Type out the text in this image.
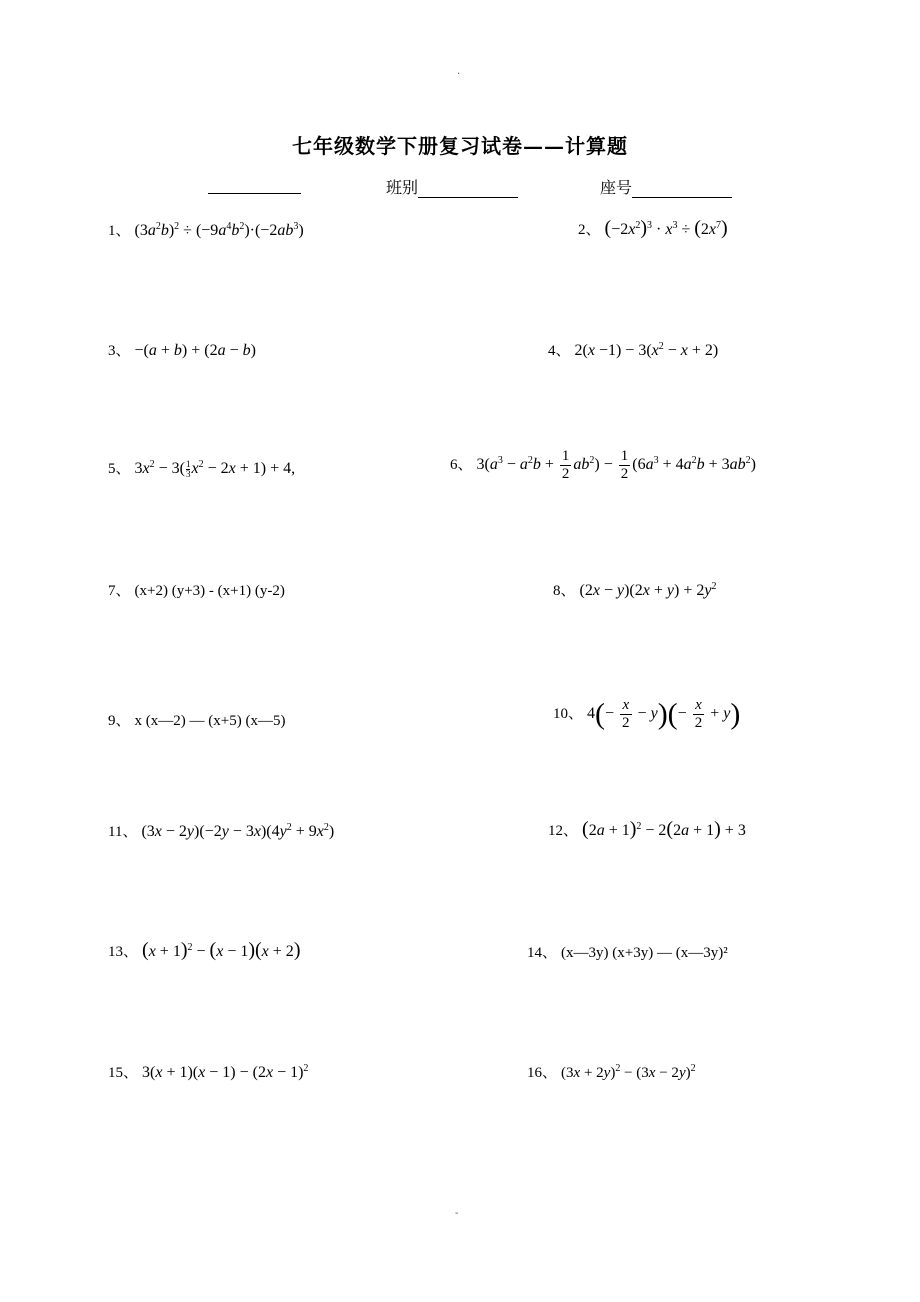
.
七年级数学下册复习试卷——计算题
班别	座号
1、 $(3a^2b)^2 \div (-9a^4b^2)\cdot(-2ab^3)$	2、 $(-2x^2)^3 \cdot x^3 \div (2x^7)$
3、 −(a + b) + (2a − b)	4、 $2(x -1) - 3(x^2 - x + 2)$
5、 $3x^2 - 3( \frac{1}{3} x^2 - 2x + 1) + 4$,	6、 $3(a^3 - a^2b + \frac{1}{2} ab^2) - \frac{1}{2} (6a^3 + 4a^2b + 3ab^2)$
7、 (x+2) (y+3) - (x+1) (y-2)	8、 $(2x - y)(2x + y) + 2y^2$
9、 x (x—2) — (x+5) (x—5)	10、 $4(- \frac{x}{2} - y)(- \frac{x}{2} + y)$
11、 $(3x - 2y)(-2y - 3x)(4y^2 + 9x^2)$	12、 $(2a + 1)^2 - 2(2a + 1) + 3$
13、 $(x + 1)^2 - (x - 1)(x + 2)$	14、 (x—3y) (x+3y) — (x—3y)²
15、 $3(x + 1)(x - 1) - (2x - 1)^2$	16、 $(3x + 2y)^2 - (3x - 2y)^2$
-
